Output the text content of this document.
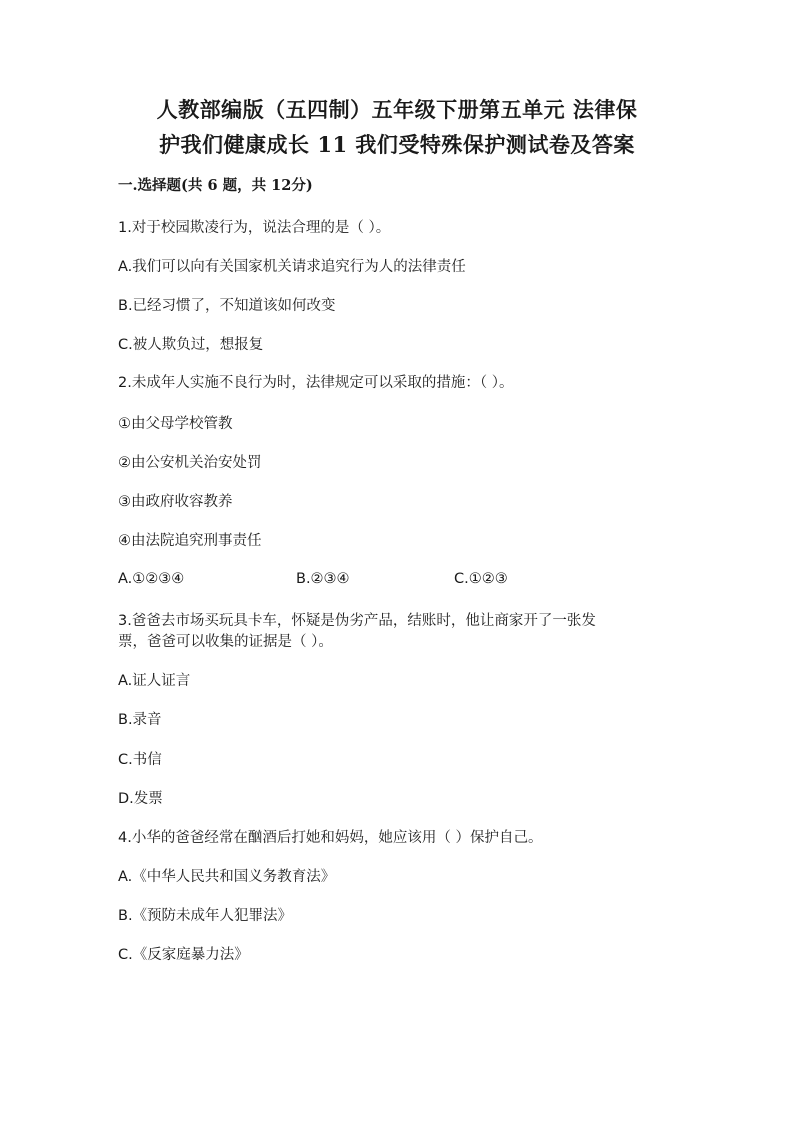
人教部编版（五四制）五年级下册第五单元 法律保
护我们健康成长 11 我们受特殊保护测试卷及答案
一.选择题(共 6 题，共 12分)
1.对于校园欺凌行为，说法合理的是（ ）。
A.我们可以向有关国家机关请求追究行为人的法律责任
B.已经习惯了，不知道该如何改变
C.被人欺负过，想报复
2.未成年人实施不良行为时，法律规定可以采取的措施：（ ）。
①由父母学校管教
②由公安机关治安处罚
③由政府收容教养
④由法院追究刑事责任
A.①②③④	B.②③④	C.①②③
3.爸爸去市场买玩具卡车，怀疑是伪劣产品，结账时，他让商家开了一张发
票，爸爸可以收集的证据是（ ）。
A.证人证言
B.录音
C.书信
D.发票
4.小华的爸爸经常在酗酒后打她和妈妈，她应该用（ ）保护自己。
A.《中华人民共和国义务教育法》
B.《预防未成年人犯罪法》
C.《反家庭暴力法》
